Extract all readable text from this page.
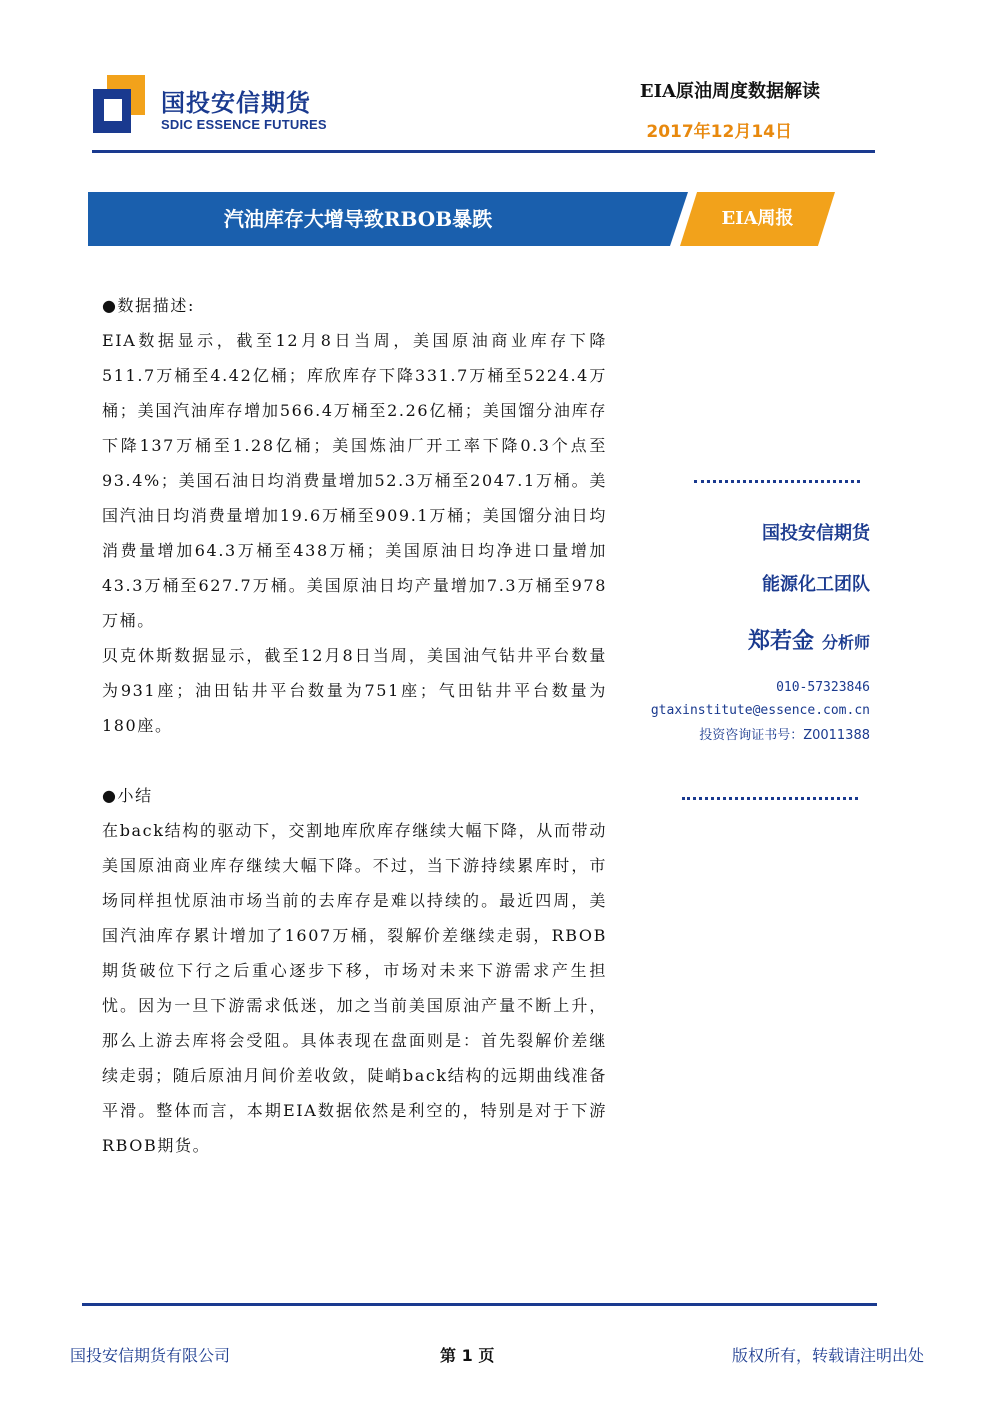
国投安信期货
SDIC ESSENCE FUTURES
EIA原油周度数据解读
2017年12月14日
汽油库存大增导致RBOB暴跌	EIA周报

●数据描述:

EIA数据显示，截至12月8日当周，美国原油商业库存下降511.7万桶至4.42亿桶；库欣库存下降331.7万桶至5224.4万桶；美国汽油库存增加566.4万桶至2.26亿桶；美国馏分油库存下降137万桶至1.28亿桶；美国炼油厂开工率下降0.3个点至93.4%；美国石油日均消费量增加52.3万桶至2047.1万桶。美国汽油日均消费量增加19.6万桶至909.1万桶；美国馏分油日均消费量增加64.3万桶至438万桶；美国原油日均净进口量增加43.3万桶至627.7万桶。美国原油日均产量增加7.3万桶至978万桶。

贝克休斯数据显示，截至12月8日当周，美国油气钻井平台数量为931座；油田钻井平台数量为751座；气田钻井平台数量为180座。

●小结

在back结构的驱动下，交割地库欣库存继续大幅下降，从而带动美国原油商业库存继续大幅下降。不过，当下游持续累库时，市场同样担忧原油市场当前的去库存是难以持续的。最近四周，美国汽油库存累计增加了1607万桶，裂解价差继续走弱，RBOB期货破位下行之后重心逐步下移，市场对未来下游需求产生担忧。因为一旦下游需求低迷，加之当前美国原油产量不断上升，那么上游去库将会受阻。具体表现在盘面则是：首先裂解价差继续走弱；随后原油月间价差收敛，陡峭back结构的远期曲线准备平滑。整体而言，本期EIA数据依然是利空的，特别是对于下游RBOB期货。

国投安信期货
能源化工团队
郑若金 分析师
010-57323846
gtaxinstitute@essence.com.cn
投资咨询证书号：Z0011388
国投安信期货有限公司	第 1 页	版权所有，转载请注明出处
